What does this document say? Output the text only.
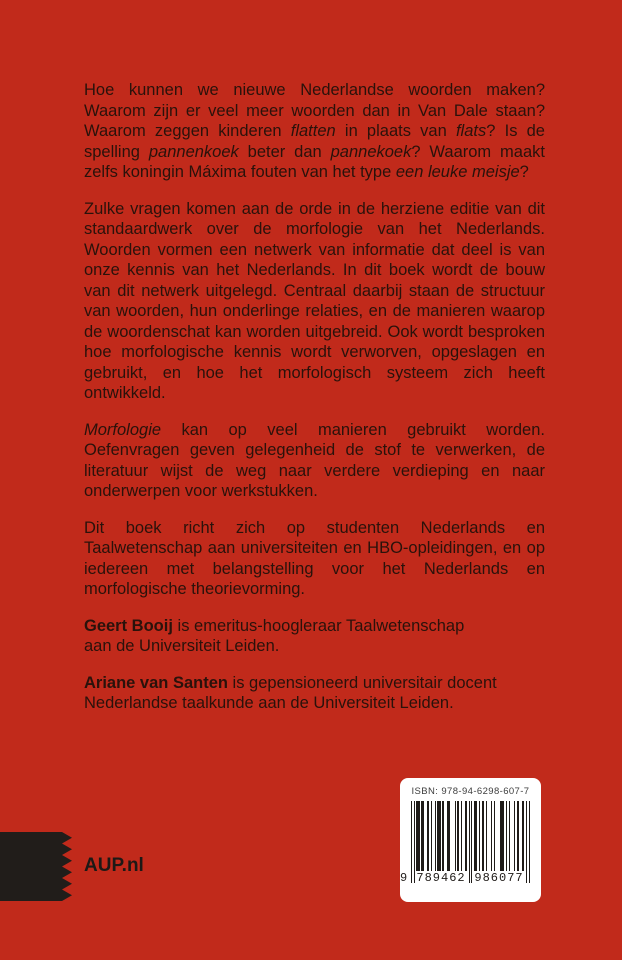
Hoe kunnen we nieuwe Nederlandse woorden maken? Waarom zijn er veel meer woorden dan in Van Dale staan? Waarom zeggen kinderen flatten in plaats van flats? Is de spelling pannenkoek beter dan pannekoek? Waarom maakt zelfs koningin Máxima fouten van het type een leuke meisje?

Zulke vragen komen aan de orde in de herziene editie van dit standaardwerk over de morfologie van het Nederlands. Woorden vormen een netwerk van informatie dat deel is van onze kennis van het Nederlands. In dit boek wordt de bouw van dit netwerk uitgelegd. Centraal daarbij staan de structuur van woorden, hun onderlinge relaties, en de manieren waarop de woordenschat kan worden uitgebreid. Ook wordt besproken hoe morfologische kennis wordt verworven, opgeslagen en gebruikt, en hoe het morfologisch systeem zich heeft ontwikkeld.

Morfologie kan op veel manieren gebruikt worden. Oefenvragen geven gelegenheid de stof te verwerken, de literatuur wijst de weg naar verdere verdieping en naar onderwerpen voor werkstukken.

Dit boek richt zich op studenten Nederlands en Taalwetenschap aan universiteiten en HBO-opleidingen, en op iedereen met belangstelling voor het Nederlands en morfologische theorievorming.

Geert Booij is emeritus-hoogleraar Taalwetenschap
aan de Universiteit Leiden.

Ariane van Santen is gepensioneerd universitair docent
Nederlandse taalkunde aan de Universiteit Leiden.

ISBN: 978-94-6298-607-7
9 789462 986077
AUP.nl
